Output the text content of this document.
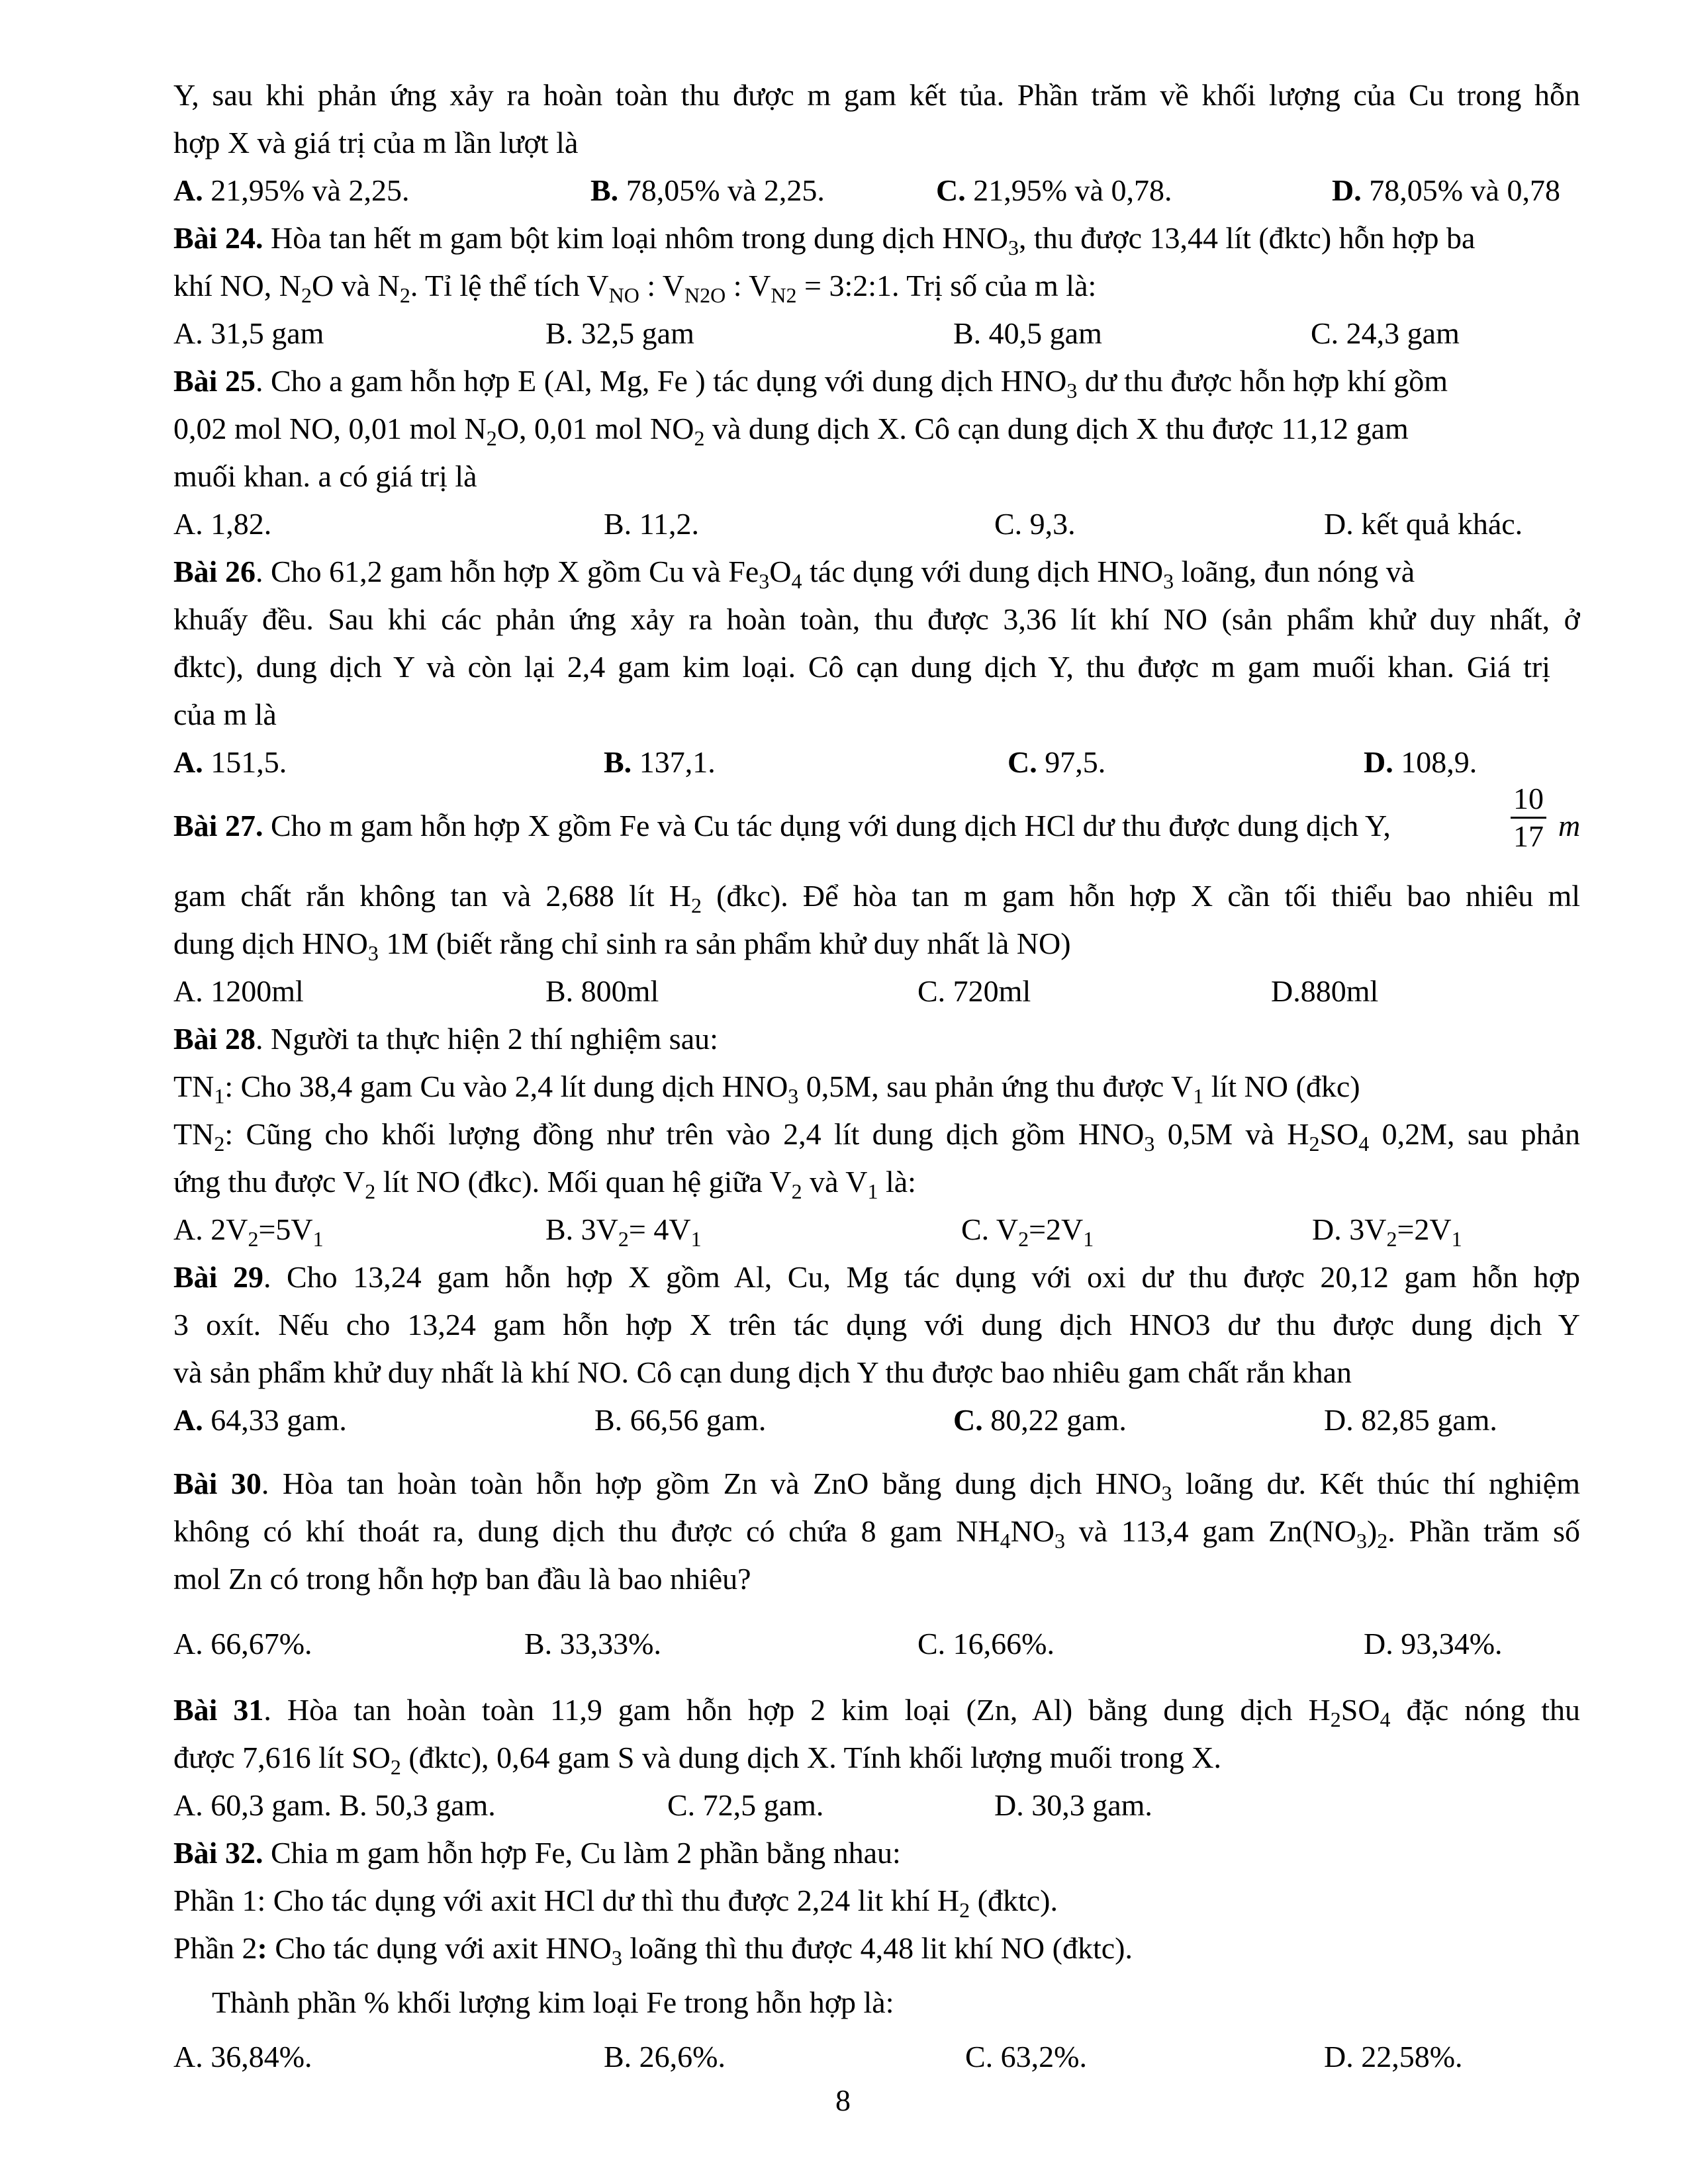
Y, sau khi phản ứng xảy ra hoàn toàn thu được m gam kết tủa. Phần trăm về khối lượng của Cu trong hỗn
hợp X và giá trị của m lần lượt là
A. 21,95% và 2,25.	B. 78,05% và 2,25.	C. 21,95% và 0,78.	D. 78,05% và 0,78
Bài 24. Hòa tan hết m gam bột kim loại nhôm trong dung dịch $HNO_3$, thu được 13,44 lít (đktc) hỗn hợp ba
khí NO, $N_2O$ và $N_2$. Tỉ lệ thể tích $V_{NO}$ : $V_{N2O}$ : $V_{N2}$ = 3:2:1. Trị số của m là:
A. 31,5 gam	B. 32,5 gam	B. 40,5 gam	C. 24,3 gam
Bài 25. Cho a gam hỗn hợp E (Al, Mg, Fe ) tác dụng với dung dịch $HNO_3$ dư thu được hỗn hợp khí gồm
0,02 mol NO, 0,01 mol $N_2O$, 0,01 mol $NO_2$ và dung dịch X. Cô cạn dung dịch X thu được 11,12 gam
muối khan. a có giá trị là
A. 1,82.	B. 11,2.	C. 9,3.	D. kết quả khác.
Bài 26. Cho 61,2 gam hỗn hợp X gồm Cu và $Fe_3O_4$ tác dụng với dung dịch $HNO_3$ loãng, đun nóng và
khuấy đều. Sau khi các phản ứng xảy ra hoàn toàn, thu được 3,36 lít khí NO (sản phẩm khử duy nhất, ở
đktc), dung dịch Y và còn lại 2,4 gam kim loại. Cô cạn dung dịch Y, thu được m gam muối khan. Giá trị
của m là
A. 151,5.	B. 137,1.	C. 97,5.	D. 108,9.
Bài 27. Cho m gam hỗn hợp X gồm Fe và Cu tác dụng với dung dịch HCl dư thu được dung dịch Y,	$\frac{10}{17}$ m
gam chất rắn không tan và 2,688 lít $H_2$ (đkc). Để hòa tan m gam hỗn hợp X cần tối thiểu bao nhiêu ml
dung dịch $HNO_3$ 1M (biết rằng chỉ sinh ra sản phẩm khử duy nhất là NO)
A. 1200ml	B. 800ml	C. 720ml	D.880ml
Bài 28. Người ta thực hiện 2 thí nghiệm sau:
$TN_1$: Cho 38,4 gam Cu vào 2,4 lít dung dịch $HNO_3$ 0,5M, sau phản ứng thu được $V_1$ lít NO (đkc)
$TN_2$: Cũng cho khối lượng đồng như trên vào 2,4 lít dung dịch gồm $HNO_3$ 0,5M và $H_2SO_4$ 0,2M, sau phản
ứng thu được $V_2$ lít NO (đkc). Mối quan hệ giữa $V_2$ và $V_1$ là:
A. $2V_2=5V_1$	B. $3V_2= 4V_1$	C. $V_2=2V_1$	D. $3V_2=2V_1$
Bài 29. Cho 13,24 gam hỗn hợp X gồm Al, Cu, Mg tác dụng với oxi dư thu được 20,12 gam hỗn hợp
3 oxít. Nếu cho 13,24 gam hỗn hợp X trên tác dụng với dung dịch HNO3 dư thu được dung dịch Y
và sản phẩm khử duy nhất là khí NO. Cô cạn dung dịch Y thu được bao nhiêu gam chất rắn khan
A. 64,33 gam.	B. 66,56 gam.	C. 80,22 gam.	D. 82,85 gam.
Bài 30. Hòa tan hoàn toàn hỗn hợp gồm Zn và ZnO bằng dung dịch $HNO_3$ loãng dư. Kết thúc thí nghiệm
không có khí thoát ra, dung dịch thu được có chứa 8 gam $NH_4NO_3$ và 113,4 gam $Zn(NO_3)_2$. Phần trăm số
mol Zn có trong hỗn hợp ban đầu là bao nhiêu?
A. 66,67%.	B. 33,33%.	C. 16,66%.	D. 93,34%.
Bài 31. Hòa tan hoàn toàn 11,9 gam hỗn hợp 2 kim loại (Zn, Al) bằng dung dịch $H_2SO_4$ đặc nóng thu
được 7,616 lít $SO_2$ (đktc), 0,64 gam S và dung dịch X. Tính khối lượng muối trong X.
A. 60,3 gam. B. 50,3 gam.	C. 72,5 gam.	D. 30,3 gam.
Bài 32. Chia m gam hỗn hợp Fe, Cu làm 2 phần bằng nhau:
Phần 1: Cho tác dụng với axit HCl dư thì thu được 2,24 lit khí $H_2$ (đktc).
Phần 2: Cho tác dụng với axit $HNO_3$ loãng thì thu được 4,48 lit khí NO (đktc).
Thành phần % khối lượng kim loại Fe trong hỗn hợp là:
A. 36,84%.	B. 26,6%.	C. 63,2%.	D. 22,58%.
8
